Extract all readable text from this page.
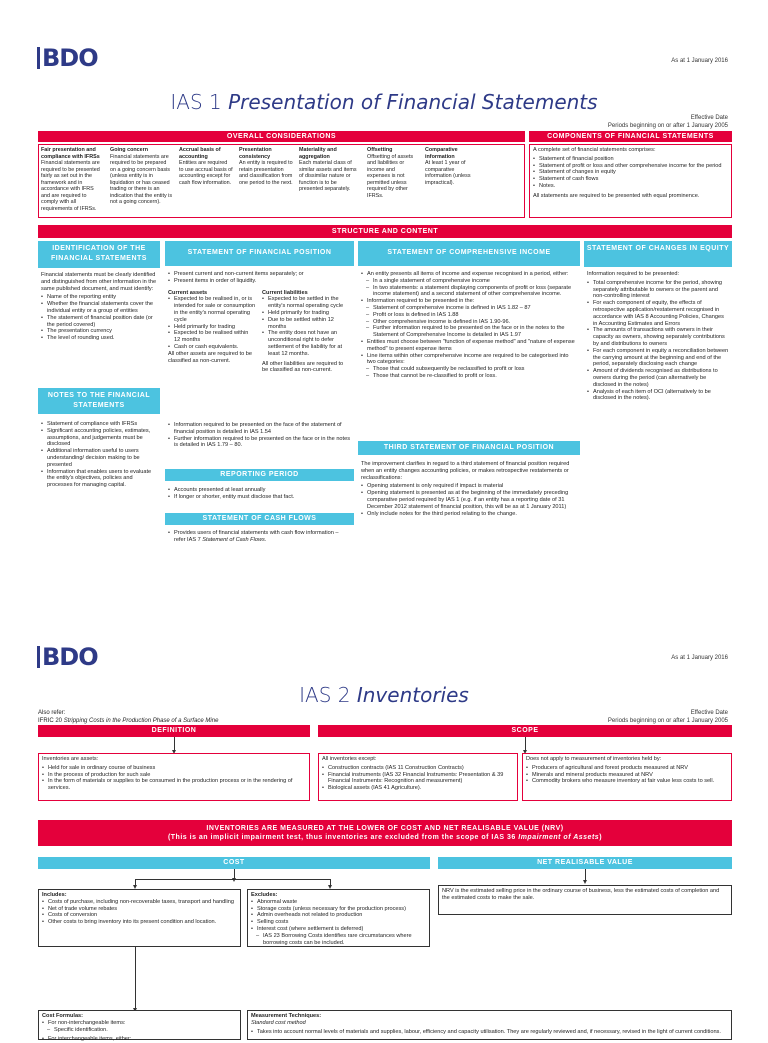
BDO	As at 1 January 2016
IAS 1 Presentation of Financial Statements
Effective Date
Periods beginning on or after 1 January 2005
OVERALL CONSIDERATIONS
Fair presentation and compliance with IFRSs
Financial statements are required to be presented fairly as set out in the framework and in accordance with IFRS and are required to comply with all requirements of IFRSs.
Going concern
Financial statements are required to be prepared on a going concern basis (unless entity is in liquidation or has ceased trading or there is an indication that the entity is not a going concern).
Accrual basis of accounting
Entities are required to use accrual basis of accounting except for cash flow information.
Presentation consistency
An entity is required to retain presentation and classification from one period to the next.
Materiality and aggregation
Each material class of similar assets and items of dissimilar nature or function is to be presented separately.
Offsetting
Offsetting of assets and liabilities or income and expenses is not permitted unless required by other IFRSs.
Comparative information
At least 1 year of comparative information (unless impractical).
COMPONENTS OF FINANCIAL STATEMENTS

A complete set of financial statements comprises:

• Statement of financial position
• Statement of profit or loss and other comprehensive income for the period
• Statement of changes in equity
• Statement of cash flows
• Notes.

All statements are required to be presented with equal prominence.

STRUCTURE AND CONTENT
IDENTIFICATION OF THE FINANCIAL STATEMENTS

Financial statements must be clearly identified and distinguished from other information in the same published document, and must identify:

• Name of the reporting entity
• Whether the financial statements cover the individual entity or a group of entities
• The statement of financial position date (or the period covered)
• The presentation currency
• The level of rounding used.
NOTES TO THE FINANCIAL STATEMENTS
• Statement of compliance with IFRSs
• Significant accounting policies, estimates, assumptions, and judgements must be disclosed
• Additional information useful to users understanding/ decision making to be presented
• Information that enables users to evaluate the entity's objectives, policies and processes for managing capital.
STATEMENT OF FINANCIAL POSITION
• Present current and non-current items separately; or
• Present items in order of liquidity.
Current assets
• Expected to be realised in, or is intended for sale or consumption in the entity's normal operating cycle
• Held primarily for trading
• Expected to be realised within 12 months
• Cash or cash equivalents.

All other assets are required to be classified as non-current.

Current liabilities
• Expected to be settled in the entity's normal operating cycle
• Held primarily for trading
• Due to be settled within 12 months
• The entity does not have an unconditional right to defer settlement of the liability for at least 12 months.

All other liabilities are required to be classified as non-current.

• Information required to be presented on the face of the statement of financial position is detailed in IAS 1.54
• Further information required to be presented on the face or in the notes is detailed in IAS 1.79 – 80.
REPORTING PERIOD
• Accounts presented at least annually
• If longer or shorter, entity must disclose that fact.
STATEMENT OF CASH FLOWS
• Provides users of financial statements with cash flow information – refer IAS 7 Statement of Cash Flows.
STATEMENT OF COMPREHENSIVE INCOME
• An entity presents all items of income and expense recognised in a period, either:
– In a single statement of comprehensive income
– In two statements: a statement displaying components of profit or loss (separate income statement) and a second statement of other comprehensive income.
• Information required to be presented in the:
– Statement of comprehensive income is defined in IAS 1.82 – 87
– Profit or loss is defined in IAS 1.88
– Other comprehensive income is defined in IAS 1.90-96.
– Further information required to be presented on the face or in the notes to the Statement of Comprehensive Income is detailed in IAS 1.97
• Entities must choose between "function of expense method" and "nature of expense method" to present expense items
• Line items within other comprehensive income are required to be categorised into two categories:
– Those that could subsequently be reclassified to profit or loss
– Those that cannot be re-classified to profit or loss.
THIRD STATEMENT OF FINANCIAL POSITION

The improvement clarifies in regard to a third statement of financial position required when an entity changes accounting policies, or makes retrospective restatements or reclassifications:

• Opening statement is only required if impact is material
• Opening statement is presented as at the beginning of the immediately preceding comparative period required by IAS 1 (e.g. if an entity has a reporting date of 31 December 2012 statement of financial position, this will be as at 1 January 2011)
• Only include notes for the third period relating to the change.
STATEMENT OF CHANGES IN EQUITY

Information required to be presented:

• Total comprehensive income for the period, showing separately attributable to owners or the parent and non-controlling interest
• For each component of equity, the effects of retrospective application/restatement recognised in accordance with IAS 8 Accounting Policies, Changes in Accounting Estimates and Errors
• The amounts of transactions with owners in their capacity as owners, showing separately contributions by and distributions to owners
• For each component in equity a reconciliation between the carrying amount at the beginning and end of the period, separately disclosing each change
• Amount of dividends recognised as distributions to owners during the period (can alternatively be disclosed in the notes)
• Analysis of each item of OCI (alternatively to be disclosed in the notes).
BDO	As at 1 January 2016
IAS 2 Inventories
Also refer:
IFRIC 20 Stripping Costs in the Production Phase of a Surface Mine
Effective Date
Periods beginning on or after 1 January 2005
DEFINITION	SCOPE

Inventories are assets:

• Held for sale in ordinary course of business
• In the process of production for such sale
• In the form of materials or supplies to be consumed in the production process or in the rendering of services.

All inventories except:

• Construction contracts (IAS 11 Construction Contracts)
• Financial instruments (IAS 32 Financial Instruments: Presentation & 39 Financial Instruments: Recognition and measurement)
• Biological assets (IAS 41 Agriculture).

Does not apply to measurement of inventories held by:

• Producers of agricultural and forest products measured at NRV
• Minerals and mineral products measured at NRV
• Commodity brokers who measure inventory at fair value less costs to sell.
INVENTORIES ARE MEASURED AT THE LOWER OF COST AND NET REALISABLE VALUE (NRV)
(This is an implicit impairment test, thus inventories are excluded from the scope of IAS 36 Impairment of Assets)
COST	NET REALISABLE VALUE
Includes:
• Costs of purchase, including non-recoverable taxes, transport and handling
• Net of trade volume rebates
• Costs of conversion
• Other costs to bring inventory into its present condition and location.
Excludes:
• Abnormal waste
• Storage costs (unless necessary for the production process)
• Admin overheads not related to production
• Selling costs
• Interest cost (where settlement is deferred)
– IAS 23 Borrowing Costs identifies rare circumstances where borrowing costs can be included.

NRV is the estimated selling price in the ordinary course of business, less the estimated costs of completion and the estimated costs to make the sale.

Cost Formulas:
• For non-interchangeable items:
– Specific identification.
• For interchangeable items, either:
Measurement Techniques:

Standard cost method

• Takes into account normal levels of materials and supplies, labour, efficiency and capacity utilisation. They are regularly reviewed and, if necessary, revised in the light of current conditions.
